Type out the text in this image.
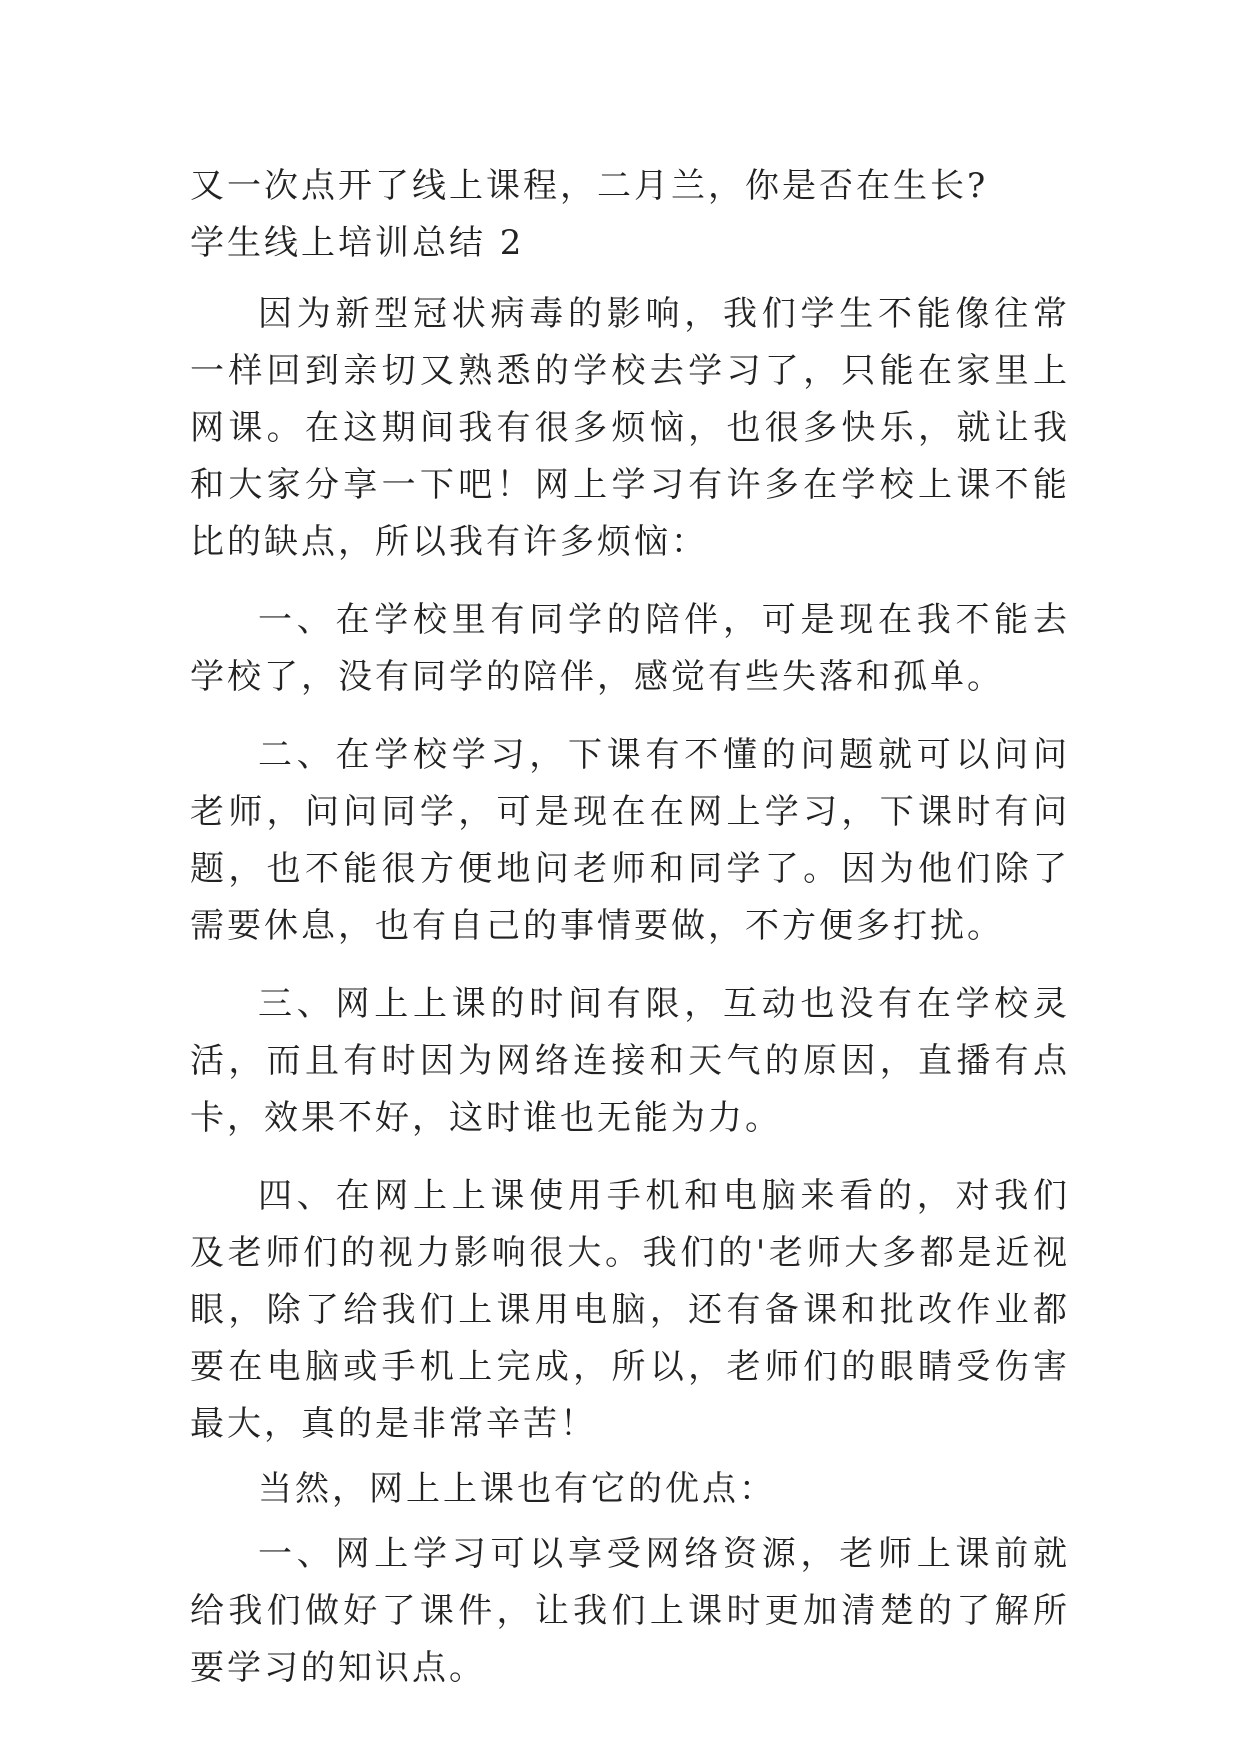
又一次点开了线上课程，二月兰，你是否在生长?

学生线上培训总结 2

因为新型冠状病毒的影响，我们学生不能像往常一样回到亲切又熟悉的学校去学习了，只能在家里上网课。在这期间我有很多烦恼，也很多快乐，就让我和大家分享一下吧！网上学习有许多在学校上课不能比的缺点，所以我有许多烦恼：

一、在学校里有同学的陪伴，可是现在我不能去学校了，没有同学的陪伴，感觉有些失落和孤单。

二、在学校学习，下课有不懂的问题就可以问问老师，问问同学，可是现在在网上学习，下课时有问题，也不能很方便地问老师和同学了。因为他们除了需要休息，也有自己的事情要做，不方便多打扰。

三、网上上课的时间有限，互动也没有在学校灵活，而且有时因为网络连接和天气的原因，直播有点卡，效果不好，这时谁也无能为力。

四、在网上上课使用手机和电脑来看的，对我们及老师们的视力影响很大。我们的'老师大多都是近视眼，除了给我们上课用电脑，还有备课和批改作业都要在电脑或手机上完成，所以，老师们的眼睛受伤害最大，真的是非常辛苦！

当然，网上上课也有它的优点：

一、网上学习可以享受网络资源，老师上课前就给我们做好了课件，让我们上课时更加清楚的了解所要学习的知识点。
